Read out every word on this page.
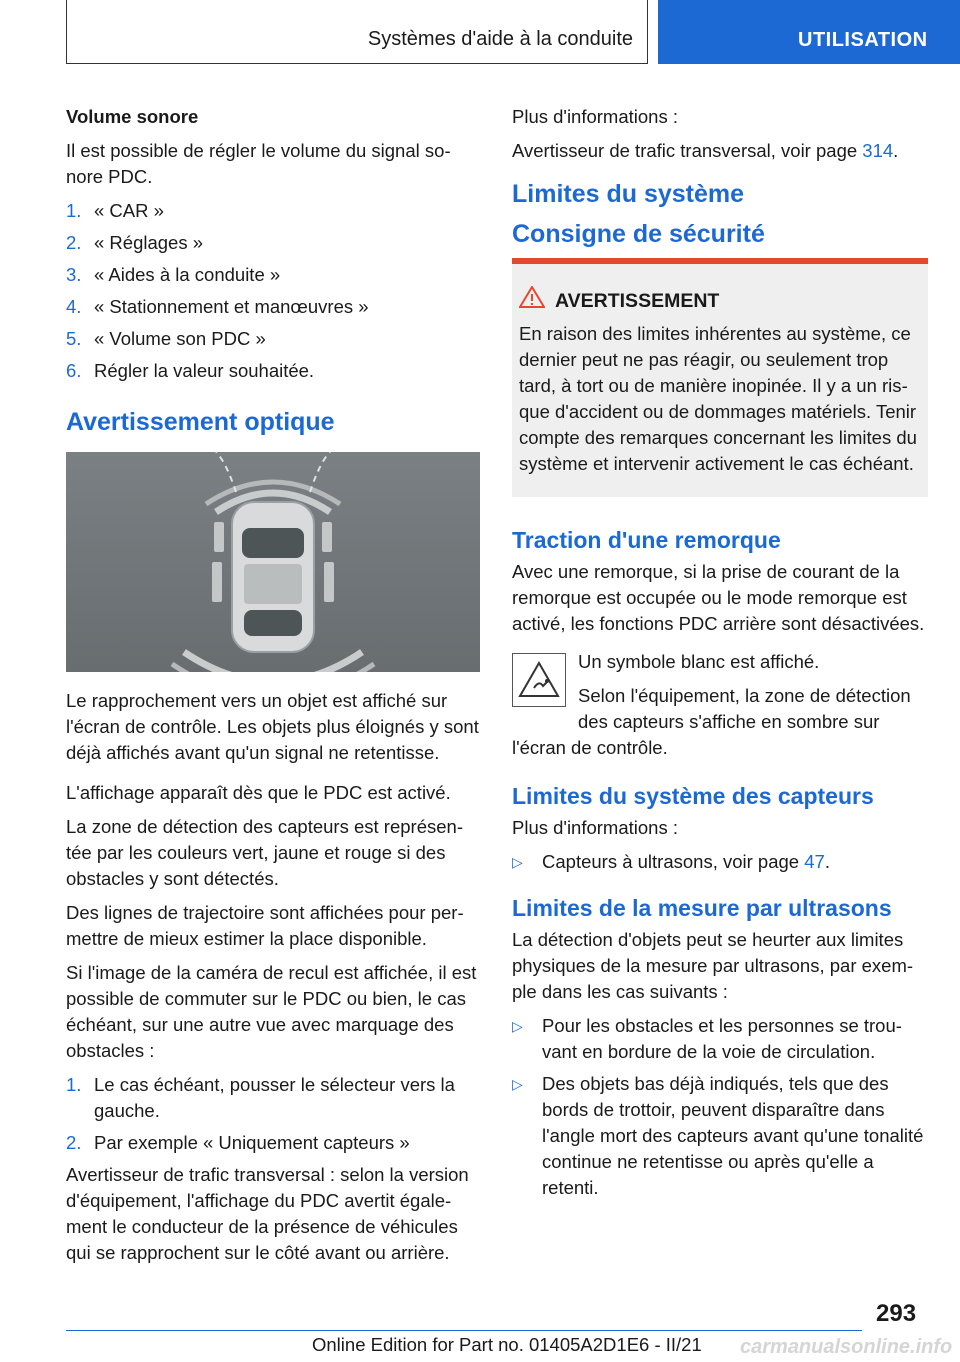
Systèmes d'aide à la conduite	UTILISATION

Volume sonore

Il est possible de régler le volume du signal sonore PDC.

1. « CAR »
2. « Réglages »
3. « Aides à la conduite »
4. « Stationnement et manœuvres »
5. « Volume son PDC »
6. Régler la valeur souhaitée.
Avertissement optique

Le rapprochement vers un objet est affiché sur l'écran de contrôle. Les objets plus éloignés y sont déjà affichés avant qu'un signal ne retentisse.

L'affichage apparaît dès que le PDC est activé.

La zone de détection des capteurs est représentée par les couleurs vert, jaune et rouge si des obstacles y sont détectés.

Des lignes de trajectoire sont affichées pour permettre de mieux estimer la place disponible.

Si l'image de la caméra de recul est affichée, il est possible de commuter sur le PDC ou bien, le cas échéant, sur une autre vue avec marquage des obstacles :

1. Le cas échéant, pousser le sélecteur vers la gauche.
2. Par exemple « Uniquement capteurs »

Avertisseur de trafic transversal : selon la version d'équipement, l'affichage du PDC avertit également le conducteur de la présence de véhicules qui se rapprochent sur le côté avant ou arrière.

Plus d'informations :

Avertisseur de trafic transversal, voir page 314.

Limites du système
Consigne de sécurité
AVERTISSEMENT

En raison des limites inhérentes au système, ce dernier peut ne pas réagir, ou seulement trop tard, à tort ou de manière inopinée. Il y a un risque d'accident ou de dommages matériels. Tenir compte des remarques concernant les limites du système et intervenir activement le cas échéant.

Traction d'une remorque

Avec une remorque, si la prise de courant de la remorque est occupée ou le mode remorque est activé, les fonctions PDC arrière sont désactivées.

Un symbole blanc est affiché.

Selon l'équipement, la zone de détection des capteurs s'affiche en sombre sur

l'écran de contrôle.

Limites du système des capteurs

Plus d'informations :

▷ Capteurs à ultrasons, voir page 47.
Limites de la mesure par ultrasons

La détection d'objets peut se heurter aux limites physiques de la mesure par ultrasons, par exemple dans les cas suivants :

▷ Pour les obstacles et les personnes se trouvant en bordure de la voie de circulation.
▷ Des objets bas déjà indiqués, tels que des bords de trottoir, peuvent disparaître dans l'angle mort des capteurs avant qu'une tonalité continue ne retentisse ou après qu'elle a retenti.
293
Online Edition for Part no. 01405A2D1E6 - II/21 carmanualsonline.info
